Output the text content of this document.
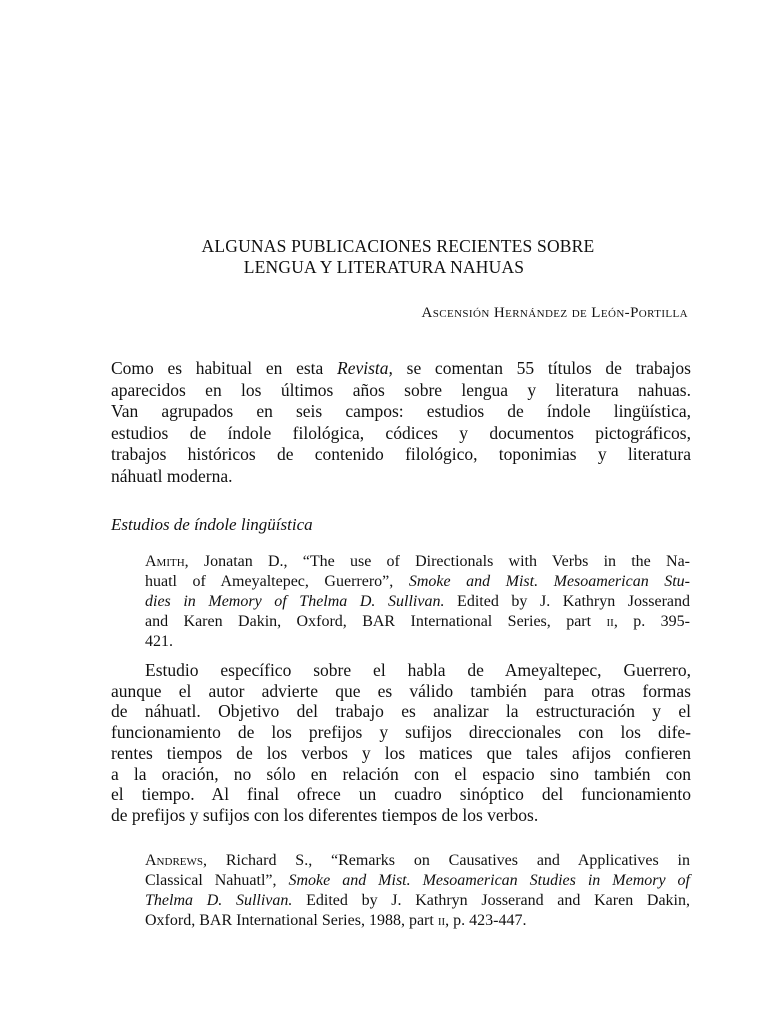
ALGUNAS PUBLICACIONES RECIENTES SOBRE
LENGUA Y LITERATURA NAHUAS
Ascensión Hernández de León-Portilla
Como es habitual en esta Revista, se comentan 55 títulos de trabajos
aparecidos en los últimos años sobre lengua y literatura nahuas.
Van agrupados en seis campos: estudios de índole lingüística,
estudios de índole filológica, códices y documentos pictográficos,
trabajos históricos de contenido filológico, toponimias y literatura
náhuatl moderna.
Estudios de índole lingüística
Amith, Jonatan D., “The use of Directionals with Verbs in the Na-
huatl of Ameyaltepec, Guerrero”, Smoke and Mist. Mesoamerican Stu-
dies in Memory of Thelma D. Sullivan. Edited by J. Kathryn Josserand
and Karen Dakin, Oxford, BAR International Series, part ii, p. 395-
421.
Estudio específico sobre el habla de Ameyaltepec, Guerrero,
aunque el autor advierte que es válido también para otras formas
de náhuatl. Objetivo del trabajo es analizar la estructuración y el
funcionamiento de los prefijos y sufijos direccionales con los dife-
rentes tiempos de los verbos y los matices que tales afijos confieren
a la oración, no sólo en relación con el espacio sino también con
el tiempo. Al final ofrece un cuadro sinóptico del funcionamiento
de prefijos y sufijos con los diferentes tiempos de los verbos.
Andrews, Richard S., “Remarks on Causatives and Applicatives in
Classical Nahuatl”, Smoke and Mist. Mesoamerican Studies in Memory of
Thelma D. Sullivan. Edited by J. Kathryn Josserand and Karen Dakin,
Oxford, BAR International Series, 1988, part ii, p. 423-447.
